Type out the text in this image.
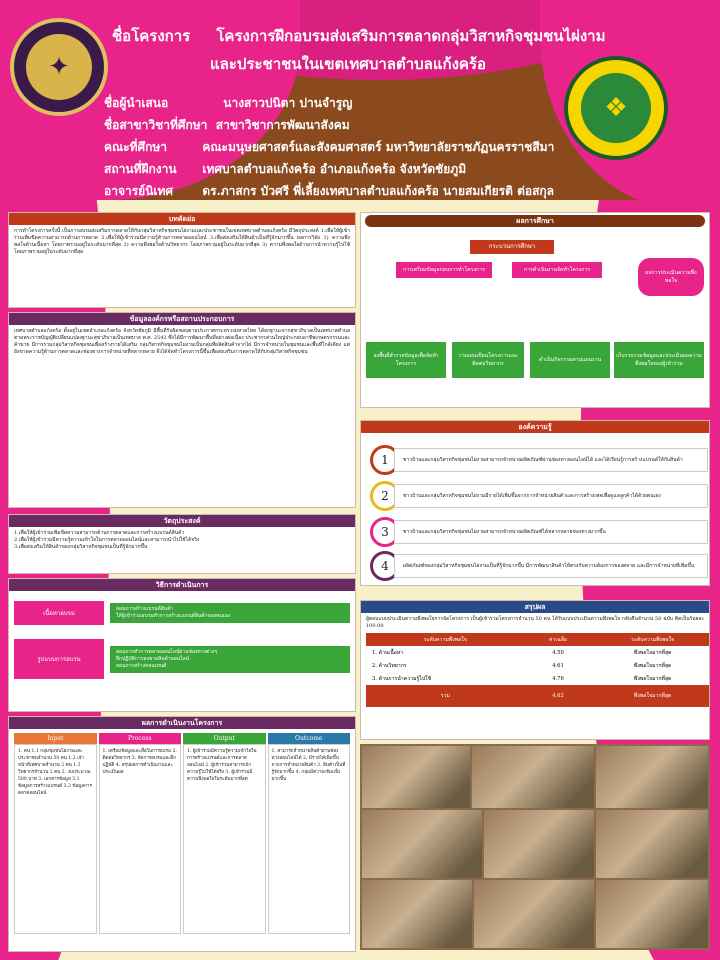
✦
❖
ชื่อโครงการ โครงการฝึกอบรมส่งเสริมการตลาดกลุ่มวิสาหกิจชุมชนไผ่งาม
และประชาชนในเขตเทศบาลตำบลแก้งคร้อ
ชื่อผู้นำเสนอ
	นางสาวปนิตา ปานจำรูญ
ชื่อสาขาวิชาที่ศึกษา
สาขาวิชาการพัฒนาสังคม
คณะที่ศึกษา
	คณะมนุษยศาสตร์และสังคมศาสตร์ มหาวิทยาลัยราชภัฏนครราชสีมา
สถานที่ฝึกงาน
	เทศบาลตำบลแก้งคร้อ อำเภอแก้งคร้อ จังหวัดชัยภูมิ
อาจารย์นิเทศ
	ดร.ภาสกร บัวศรี พี่เลี้ยงเทศบาลตำบลแก้งคร้อ นายสมเกียรติ ต่อสกุล
บทคัดย่อ
การทำโครงการครั้งนี้ เป็นการอบรมส่งเสริมการตลาดให้กับกลุ่มวิสาหกิจชุมชนไผ่งามและประชาชนในเขตเทศบาลตำบลแก้งคร้อ มีวัตถุประสงค์ 1.เพื่อให้ผู้เข้าร่วมเพิ่มขีดความสามารถด้านการตลาด 2.เพื่อให้ผู้เข้าร่วมมีความรู้ด้านการตลาดออนไลน์ 3.เพื่อส่งเสริมให้สินค้าเป็นที่รู้จักมากขึ้น ผลการวิจัย 1) ความพึงพอใจด้านเนื้อหา โดยภาพรวมอยู่ในระดับมากที่สุด 2) ความพึงพอใจด้านวิทยากร โดยภาพรวมอยู่ในระดับมากที่สุด 3) ความพึงพอใจด้านการนำความรู้ไปใช้ โดยภาพรวมอยู่ในระดับมากที่สุด
ข้อมูลองค์กรหรือสถานประกอบการ
เทศบาลตำบลแก้งคร้อ ตั้งอยู่ในเขตอำเภอแก้งคร้อ จังหวัดชัยภูมิ มีพื้นที่รับผิดชอบตามประกาศกระทรวงมหาดไทย ได้ยกฐานะจากสุขาภิบาลเป็นเทศบาลตำบลตามพระราชบัญญัติเปลี่ยนแปลงฐานะสุขาภิบาลเป็นเทศบาล พ.ศ. 2542 ซึ่งได้มีการพัฒนาพื้นที่อย่างต่อเนื่อง ประชากรส่วนใหญ่ประกอบอาชีพเกษตรกรรมและค้าขาย มีการรวมกลุ่มวิสาหกิจชุมชนเพื่อสร้างรายได้เสริม กลุ่มวิสาหกิจชุมชนไผ่งามเป็นกลุ่มที่ผลิตสินค้าจากไผ่ มีการจำหน่ายในชุมชนและพื้นที่ใกล้เคียง แต่ยังขาดความรู้ด้านการตลาดและช่องทางการจำหน่ายที่หลากหลาย จึงได้จัดทำโครงการนี้ขึ้นเพื่อส่งเสริมการตลาดให้กับกลุ่มวิสาหกิจชุมชน
วัตถุประสงค์
1.เพื่อให้ผู้เข้าร่วมเพิ่มขีดความสามารถด้านการตลาดและการสร้างแบรนด์สินค้า
2.เพื่อให้ผู้เข้าร่วมมีความรู้ความเข้าใจในการตลาดออนไลน์และสามารถนำไปใช้ได้จริง
3.เพื่อส่งเสริมให้สินค้าของกลุ่มวิสาหกิจชุมชนเป็นที่รู้จักมากขึ้น
วิธีการดำเนินการ
เนื้อหาอบรม
สอนการสร้างแบรนด์สินค้า
ให้ผู้เข้าร่วมอบรมทำการสร้างแบรนด์สินค้าของตนเอง
รูปแบบการอบรม
สอนการทำการตลาดออนไลน์ผ่านช่องทางต่างๆ
ฝึกปฏิบัติการลงขายสินค้าออนไลน์
สอนการสร้างคอนเทนต์
ผลการดำเนินงานโครงการ
Input
1. คน 1.1 กลุ่มชุมชนไผ่งามและประชาชนจำนวน 50 คน 1.2 เจ้าหน้าที่เทศบาลจำนวน 2 คน 1.3 วิทยากรจำนวน 2 คน 2. งบประมาณ 500 บาท 3. เอกสารข้อมูล 3.1 ข้อมูลการสร้างแบรนด์ 3.2 ข้อมูลการตลาดออนไลน์
Process
1. เตรียมข้อมูลและสื่อในการอบรม 2. ติดต่อวิทยากร 3. จัดการอบรมและฝึกปฏิบัติ 4. สรุปผลการดำเนินงานและประเมินผล
Output
1. ผู้เข้าร่วมมีความรู้ความเข้าใจในการสร้างแบรนด์และการตลาดออนไลน์ 2. ผู้เข้าร่วมสามารถนำความรู้ไปใช้ได้จริง 3. ผู้เข้าร่วมมีความพึงพอใจในระดับมากที่สุด
Outcome
1. สามารถจำหน่ายสินค้าผ่านช่องทางออนไลน์ได้ 2. มีรายได้เพิ่มขึ้นจากการจำหน่ายสินค้า 3. สินค้าเป็นที่รู้จักมากขึ้น 4. กลุ่มมีความเข้มแข็งมากขึ้น
ผลการศึกษา
กระบวนการศึกษา
การเตรียมข้อมูลก่อนการทำโครงการ	การดำเนินงานจัดทำโครงการ	ผลการประเมินความพึงพอใจ
ลงพื้นที่สำรวจข้อมูลเพื่อจัดทำโครงการ
วางแผนเขียนโครงการและติดต่อวิทยากร
ดำเนินกิจกรรมตามแผนงาน
เก็บรวบรวมข้อมูลและประเมินผลความพึงพอใจของผู้เข้าร่วม
องค์ความรู้
1	ชาวบ้านและกลุ่มวิสาหกิจชุมชนไผ่งามสามารถจำหน่ายผลิตภัณฑ์ผ่านช่องทางออนไลน์ได้ และได้เรียนรู้การสร้างแบรนด์ให้กับสินค้า
2	ชาวบ้านและกลุ่มวิสาหกิจชุมชนไผ่งามมีรายได้เพิ่มขึ้นจากการจำหน่ายสินค้าและการสร้างเพจเพื่อดูแลลูกค้าได้ด้วยตนเอง
3	ชาวบ้านและกลุ่มวิสาหกิจชุมชนไผ่งามสามารถจำหน่ายผลิตภัณฑ์ได้หลากหลายช่องทางมากขึ้น
4	ผลิตภัณฑ์ของกลุ่มวิสาหกิจชุมชนไผ่งามเป็นที่รู้จักมากขึ้น มีการพัฒนาสินค้าให้ตรงกับความต้องการของตลาด และมีการจำหน่ายที่เพิ่มขึ้น
สรุปผล
ผู้ตอบแบบประเมินความพึงพอใจการจัดโครงการ เป็นผู้เข้าร่วมโครงการจำนวน 50 คน ได้รับแบบประเมินความพึงพอใจ กลับคืนจำนวน 50 ฉบับ คิดเป็นร้อยละ 100.00
ระดับความพึงพอใจ	ค่าเฉลี่ย	ระดับความพึงพอใจ
1. ด้านเนื้อหา	4.50	พึงพอใจมากที่สุด
2. ด้านวิทยากร	4.61	พึงพอใจมากที่สุด
3. ด้านการนำความรู้ไปใช้	4.76	พึงพอใจมากที่สุด
รวม	4.62	พึงพอใจมากที่สุด
